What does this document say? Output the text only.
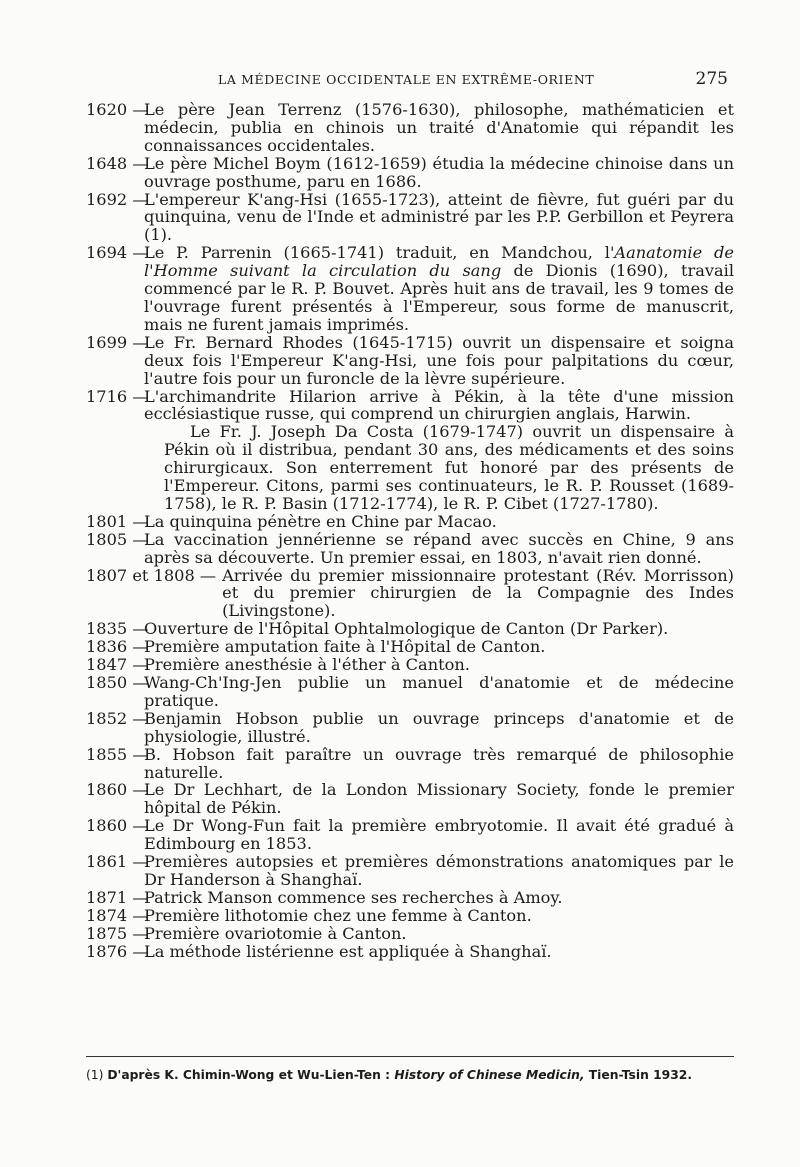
LA MÉDECINE OCCIDENTALE EN EXTRÊME-ORIENT	275
1620 —
Le père Jean Terrenz (1576-1630), philosophe, mathématicien et médecin, publia en chinois un traité d'Anatomie qui répandit les connaissances occidentales.
1648 —
Le père Michel Boym (1612-1659) étudia la médecine chinoise dans un ouvrage posthume, paru en 1686.
1692 —
L'empereur K'ang-Hsi (1655-1723), atteint de fièvre, fut guéri par du quinquina, venu de l'Inde et administré par les P.P. Gerbillon et Peyrera (1).
1694 —
Le P. Parrenin (1665-1741) traduit, en Mandchou, l'Aanatomie de l'Homme suivant la circulation du sang de Dionis (1690), travail commencé par le R. P. Bouvet. Après huit ans de travail, les 9 tomes de l'ouvrage furent présentés à l'Empereur, sous forme de manuscrit, mais ne furent jamais imprimés.
1699 —
Le Fr. Bernard Rhodes (1645-1715) ouvrit un dispensaire et soigna deux fois l'Empereur K'ang-Hsi, une fois pour palpitations du cœur, l'autre fois pour un furoncle de la lèvre supérieure.
1716 —
L'archimandrite Hilarion arrive à Pékin, à la tête d'une mission ecclésiastique russe, qui comprend un chirurgien anglais, Harwin.
Le Fr. J. Joseph Da Costa (1679-1747) ouvrit un dispensaire à Pékin où il distribua, pendant 30 ans, des médicaments et des soins chirurgicaux. Son enterrement fut honoré par des présents de l'Empereur. Citons, parmi ses continuateurs, le R. P. Rousset (1689-1758), le R. P. Basin (1712-1774), le R. P. Cibet (1727-1780).
1801 —
La quinquina pénètre en Chine par Macao.
1805 —
La vaccination jennérienne se répand avec succès en Chine, 9 ans après sa découverte. Un premier essai, en 1803, n'avait rien donné.
1807 et 1808 — Arrivée du premier missionnaire protestant (Rév. Morrisson) et du premier chirurgien de la Compagnie des Indes (Livingstone).
1835 —
Ouverture de l'Hôpital Ophtalmologique de Canton (Dr Parker).
1836 —
Première amputation faite à l'Hôpital de Canton.
1847 —
Première anesthésie à l'éther à Canton.
1850 —
Wang-Ch'Ing-Jen publie un manuel d'anatomie et de médecine pratique.
1852 —
Benjamin Hobson publie un ouvrage princeps d'anatomie et de physiologie, illustré.
1855 —
B. Hobson fait paraître un ouvrage très remarqué de philosophie naturelle.
1860 —
Le Dr Lechhart, de la London Missionary Society, fonde le premier hôpital de Pékin.
1860 —
Le Dr Wong-Fun fait la première embryotomie. Il avait été gradué à Edimbourg en 1853.
1861 —
Premières autopsies et premières démonstrations anatomiques par le Dr Handerson à Shanghaï.
1871 —
Patrick Manson commence ses recherches à Amoy.
1874 —
Première lithotomie chez une femme à Canton.
1875 —
Première ovariotomie à Canton.
1876 —
La méthode listérienne est appliquée à Shanghaï.
(1) D'après K. Chimin-Wong et Wu-Lien-Ten : History of Chinese Medicin, Tien-Tsin 1932.
